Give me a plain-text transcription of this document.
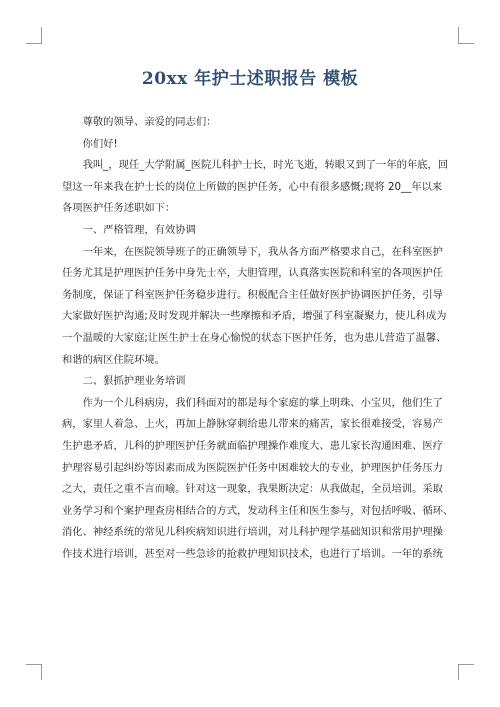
20xx 年护士述职报告 模板
尊敬的领导、亲爱的同志们：
你们好!
我叫_，现任_大学附属_医院儿科护士长，时光飞逝，转眼又到了一年的年底，回
望这一年来我在护士长的岗位上所做的医护任务，心中有很多感慨;现将 20__年以来
各项医护任务述职如下：
一、严格管理，有效协调
一年来，在医院领导班子的正确领导下，我从各方面严格要求自己，在科室医护
任务尤其是护理医护任务中身先士卒，大胆管理，认真落实医院和科室的各项医护任
务制度，保证了科室医护任务稳步进行。积极配合主任做好医护协调医护任务，引导
大家做好医护沟通;及时发现并解决一些摩擦和矛盾，增强了科室凝聚力，使儿科成为
一个温暖的大家庭;让医生护士在身心愉悦的状态下医护任务，也为患儿营造了温馨、
和谐的病区住院环境。
二、狠抓护理业务培训
作为一个儿科病房，我们科面对的都是每个家庭的掌上明珠、小宝贝，他们生了
病，家里人着急、上火，再加上静脉穿刺给患儿带来的痛苦，家长很难接受，容易产
生护患矛盾，儿科的护理医护任务就面临护理操作难度大、患儿家长沟通困难、医疗
护理容易引起纠纷等因素而成为医院医护任务中困难较大的专业，护理医护任务压力
之大，责任之重不言而喻。针对这一现象，我果断决定：从我做起，全员培训。采取
业务学习和个案护理查房相结合的方式，发动科主任和医生参与，对包括呼吸、循环、
消化、神经系统的常见儿科疾病知识进行培训，对儿科护理学基础知识和常用护理操
作技术进行培训，甚至对一些急诊的抢救护理知识技术，也进行了培训。一年的系统
